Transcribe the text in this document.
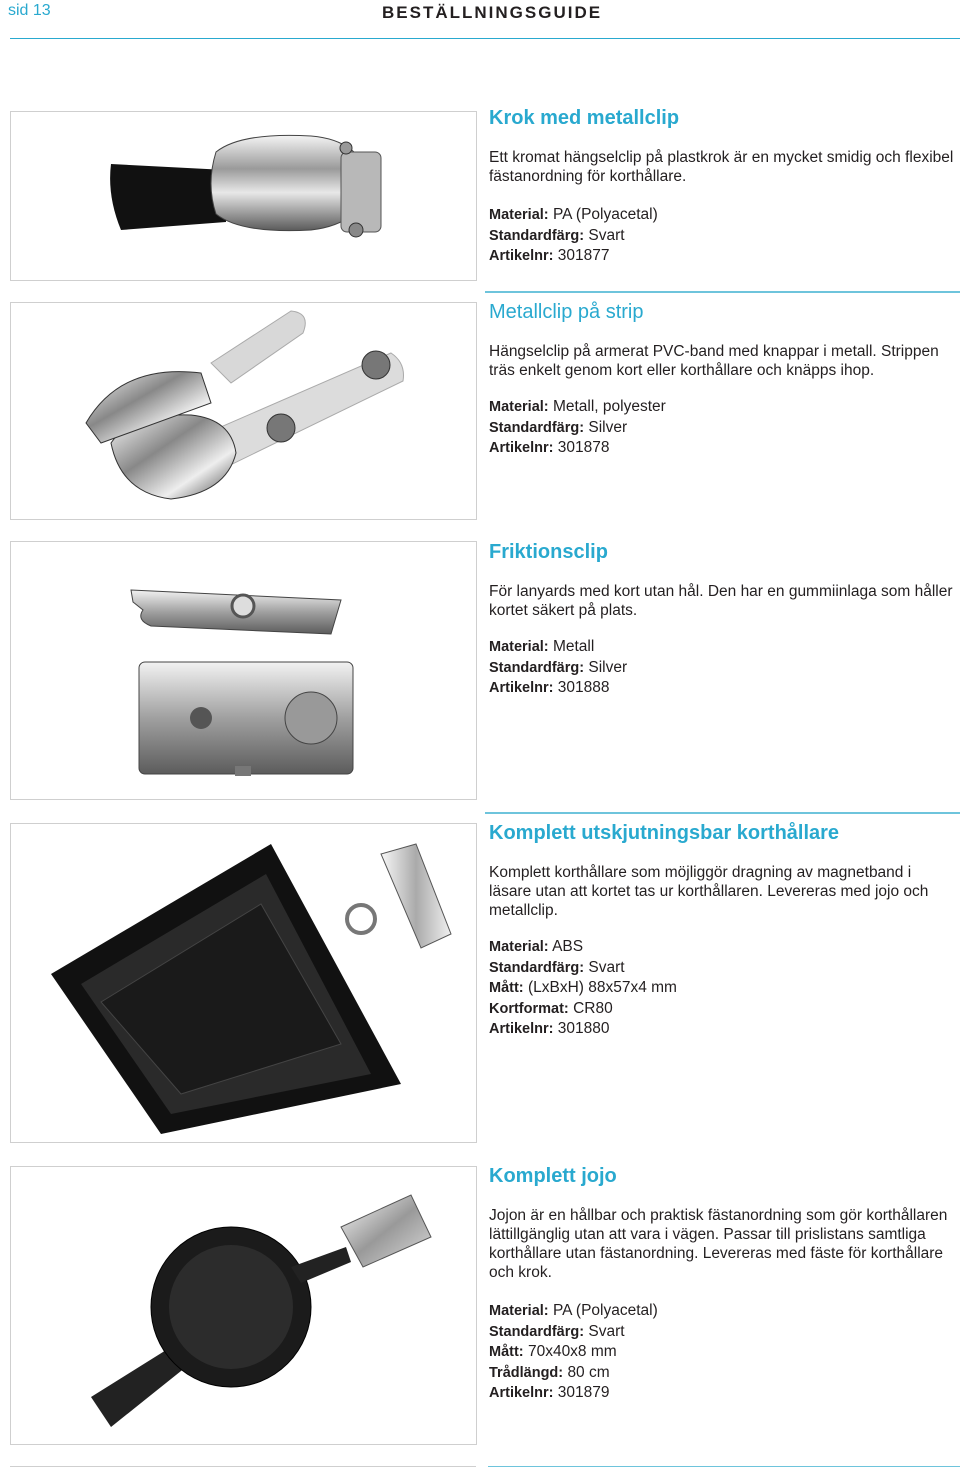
sid 13	BESTÄLLNINGSGUIDE
Krok med metallclip

Ett kromat hängselclip på plastkrok är en mycket smidig och flexibel fästanordning för korthållare.

Material: PA (Polyacetal)
Standardfärg: Svart
Artikelnr: 301877
Metallclip på strip

Hängselclip på armerat PVC-band med knappar i metall. Strippen träs enkelt genom kort eller korthållare och knäpps ihop.

Material: Metall, polyester
Standardfärg: Silver
Artikelnr: 301878
Friktionsclip

För lanyards med kort utan hål. Den har en gummiinlaga som håller kortet säkert på plats.

Material: Metall
Standardfärg: Silver
Artikelnr: 301888
Komplett utskjutningsbar korthållare

Komplett korthållare som möjliggör dragning av magnetband i läsare utan att kortet tas ur korthållaren. Levereras med jojo och metallclip.

Material: ABS
Standardfärg: Svart
Mått: (LxBxH) 88x57x4 mm
Kortformat: CR80
Artikelnr: 301880
Komplett jojo

Jojon är en hållbar och praktisk fästanordning som gör korthållaren lättillgänglig utan att vara i vägen. Passar till prislistans samtliga korthållare utan fästanordning. Levereras med fäste för korthållare och krok.

Material: PA (Polyacetal)
Standardfärg: Svart
Mått: 70x40x8 mm
Trådlängd: 80 cm
Artikelnr: 301879
